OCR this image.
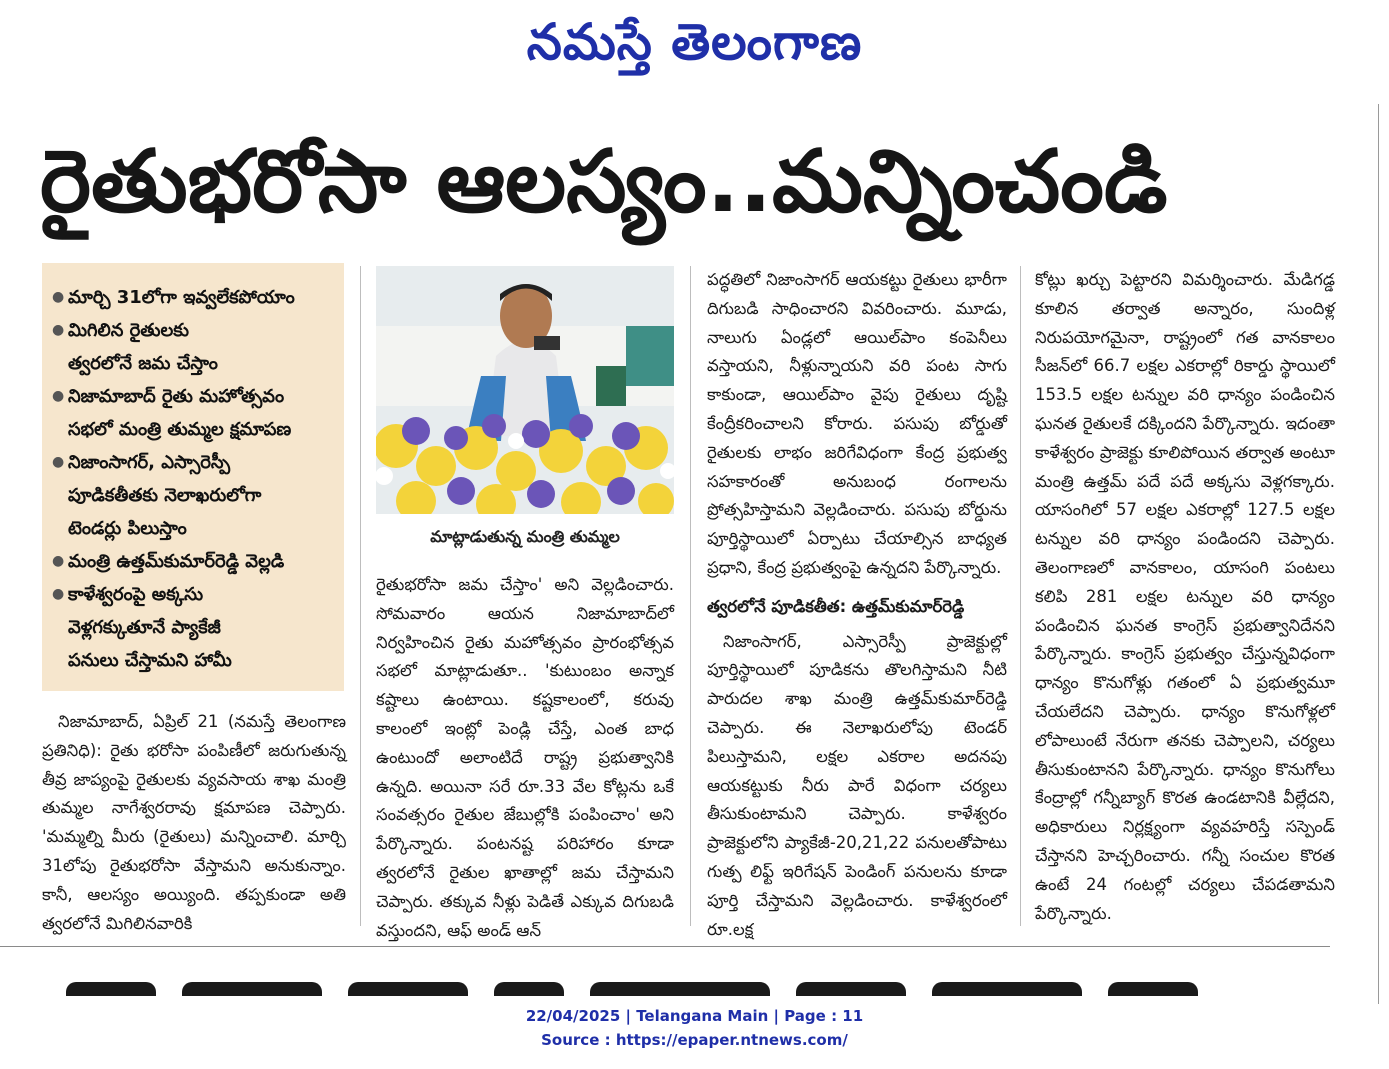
నమస్తే తెలంగాణ
రైతుభరోసా ఆలస్యం..మన్నించండి
● మార్చి 31లోగా ఇవ్వలేకపోయాం
● మిగిలిన రైతులకు
త్వరలోనే జమ చేస్తాం
● నిజామాబాద్ రైతు మహోత్సవం
సభలో మంత్రి తుమ్మల క్షమాపణ
● నిజాంసాగర్, ఎస్సారెస్పీ
పూడికతీతకు నెలాఖరులోగా
టెండర్లు పిలుస్తాం
● మంత్రి ఉత్తమ్‌కుమార్‌రెడ్డి వెల్లడి
● కాళేశ్వరంపై అక్కసు
వెళ్లగక్కుతూనే ప్యాకేజీ
పనులు చేస్తామని హామీ

నిజామాబాద్, ఏప్రిల్ 21 (నమస్తే తెలంగాణ ప్రతినిధి): రైతు భరోసా పంపిణీలో జరుగుతున్న తీవ్ర జాప్యంపై రైతులకు వ్యవసాయ శాఖ మంత్రి తుమ్మల నాగేశ్వరరావు క్షమాపణ చెప్పారు. 'మమ్మల్ని మీరు (రైతులు) మన్నించాలి. మార్చి 31లోపు రైతుభరోసా వేస్తామని అనుకున్నాం. కానీ, ఆలస్యం అయ్యింది. తప్పకుండా అతి త్వరలోనే మిగిలినవారికి

మాట్లాడుతున్న మంత్రి తుమ్మల

రైతుభరోసా జమ చేస్తాం' అని వెల్లడించారు. సోమవారం ఆయన నిజామాబాద్‌లో నిర్వహించిన రైతు మహోత్సవం ప్రారంభోత్సవ సభలో మాట్లాడుతూ.. 'కుటుంబం అన్నాక కష్టాలు ఉంటాయి. కష్టకాలంలో, కరువు కాలంలో ఇంట్లో పెండ్లి చేస్తే, ఎంత బాధ ఉంటుందో అలాంటిదే రాష్ట్ర ప్రభుత్వానికి ఉన్నది. అయినా సరే రూ.33 వేల కోట్లను ఒకే సంవత్సరం రైతుల జేబుల్లోకి పంపించాం' అని పేర్కొన్నారు. పంటనష్ట పరిహారం కూడా త్వరలోనే రైతుల ఖాతాల్లో జమ చేస్తామని చెప్పారు. తక్కువ నీళ్లు పెడితే ఎక్కువ దిగుబడి వస్తుందని, ఆఫ్ అండ్ ఆన్

పద్ధతిలో నిజాంసాగర్ ఆయకట్టు రైతులు భారీగా దిగుబడి సాధించారని వివరించారు. మూడు, నాలుగు ఏండ్లలో ఆయిల్‌పాం కంపెనీలు వస్తాయని, నీళ్లున్నాయని వరి పంట సాగు కాకుండా, ఆయిల్‌పాం వైపు రైతులు దృష్టి కేంద్రీకరించాలని కోరారు. పసుపు బోర్డుతో రైతులకు లాభం జరిగేవిధంగా కేంద్ర ప్రభుత్వ సహకారంతో అనుబంధ రంగాలను ప్రోత్సహిస్తామని వెల్లడించారు. పసుపు బోర్డును పూర్తిస్థాయిలో ఏర్పాటు చేయాల్సిన బాధ్యత ప్రధాని, కేంద్ర ప్రభుత్వంపై ఉన్నదని పేర్కొన్నారు.

త్వరలోనే పూడికతీత: ఉత్తమ్‌కుమార్‌రెడ్డి

నిజాంసాగర్, ఎస్సారెస్పీ ప్రాజెక్టుల్లో పూర్తిస్థాయిలో పూడికను తొలగిస్తామని నీటి పారుదల శాఖ మంత్రి ఉత్తమ్‌కుమార్‌రెడ్డి చెప్పారు. ఈ నెలాఖరులోపు టెండర్ పిలుస్తామని, లక్షల ఎకరాల అదనపు ఆయకట్టుకు నీరు పారే విధంగా చర్యలు తీసుకుంటామని చెప్పారు. కాళేశ్వరం ప్రాజెక్టులోని ప్యాకేజీ-20,21,22 పనులతోపాటు గుత్ప లిఫ్ట్ ఇరిగేషన్ పెండింగ్ పనులను కూడా పూర్తి చేస్తామని వెల్లడించారు. కాళేశ్వరంలో రూ.లక్ష

కోట్లు ఖర్చు పెట్టారని విమర్శించారు. మేడిగడ్డ కూలిన తర్వాత అన్నారం, సుందిళ్ల నిరుపయోగమైనా, రాష్ట్రంలో గత వానకాలం సీజన్‌లో 66.7 లక్షల ఎకరాల్లో రికార్డు స్థాయిలో 153.5 లక్షల టన్నుల వరి ధాన్యం పండించిన ఘనత రైతులకే దక్కిందని పేర్కొన్నారు. ఇదంతా కాళేశ్వరం ప్రాజెక్టు కూలిపోయిన తర్వాత అంటూ మంత్రి ఉత్తమ్ పదే పదే అక్కసు వెళ్లగక్కారు. యాసంగిలో 57 లక్షల ఎకరాల్లో 127.5 లక్షల టన్నుల వరి ధాన్యం పండిందని చెప్పారు. తెలంగాణలో వానకాలం, యాసంగి పంటలు కలిపి 281 లక్షల టన్నుల వరి ధాన్యం పండించిన ఘనత కాంగ్రెస్ ప్రభుత్వానిదేనని పేర్కొన్నారు. కాంగ్రెస్ ప్రభుత్వం చేస్తున్నవిధంగా ధాన్యం కొనుగోళ్లు గతంలో ఏ ప్రభుత్వమూ చేయలేదని చెప్పారు. ధాన్యం కొనుగోళ్లలో లోపాలుంటే నేరుగా తనకు చెప్పాలని, చర్యలు తీసుకుంటానని పేర్కొన్నారు. ధాన్యం కొనుగోలు కేంద్రాల్లో గన్నీబ్యాగ్ కొరత ఉండటానికి వీల్లేదని, అధికారులు నిర్లక్ష్యంగా వ్యవహరిస్తే సస్పెండ్ చేస్తానని హెచ్చరించారు. గన్నీ సంచుల కొరత ఉంటే 24 గంటల్లో చర్యలు చేపడతామని పేర్కొన్నారు.

22/04/2025 | Telangana Main | Page : 11
Source : https://epaper.ntnews.com/
